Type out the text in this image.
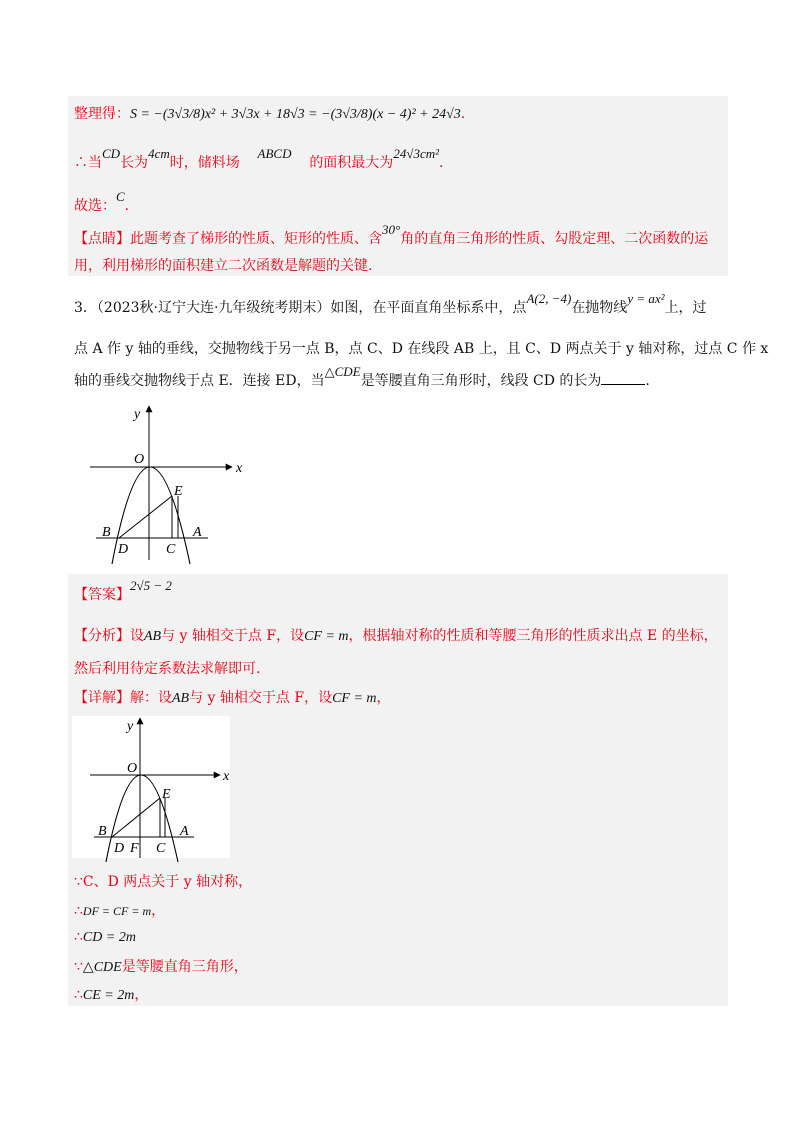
整理得：S = −(3√3/8)x² + 3√3x + 18√3 = −(3√3/8)(x − 4)² + 24√3.
∴当CD长为4cm时，储料场    ABCD    的面积最大为24√3cm².
故选：C.
【点睛】此题考查了梯形的性质、矩形的性质、含30°角的直角三角形的性质、勾股定理、二次函数的运
用，利用梯形的面积建立二次函数是解题的关键.
3．（2023秋·辽宁大连·九年级统考期末）如图，在平面直角坐标系中，点A(2, −4)在抛物线y = ax²上，过
点 A 作 y 轴的垂线，交抛物线于另一点 B，点 C、D 在线段 AB 上，且 C、D 两点关于 y 轴对称，过点 C 作 x
轴的垂线交抛物线于点 E．连接 ED，当△CDE是等腰直角三角形时，线段 CD 的长为	.
y
x
O
E
B	A
D	C
【答案】2√5 − 2
【分析】设AB与 y 轴相交于点 F，设CF = m，根据轴对称的性质和等腰三角形的性质求出点 E 的坐标，
然后利用待定系数法求解即可.
【详解】解：设AB与 y 轴相交于点 F，设CF = m，
y
x
O
E
B	A
D F C
∵C、D 两点关于 y 轴对称，
∴DF = CF = m，
∴CD = 2m
∵△CDE是等腰直角三角形，
∴CE = 2m，
